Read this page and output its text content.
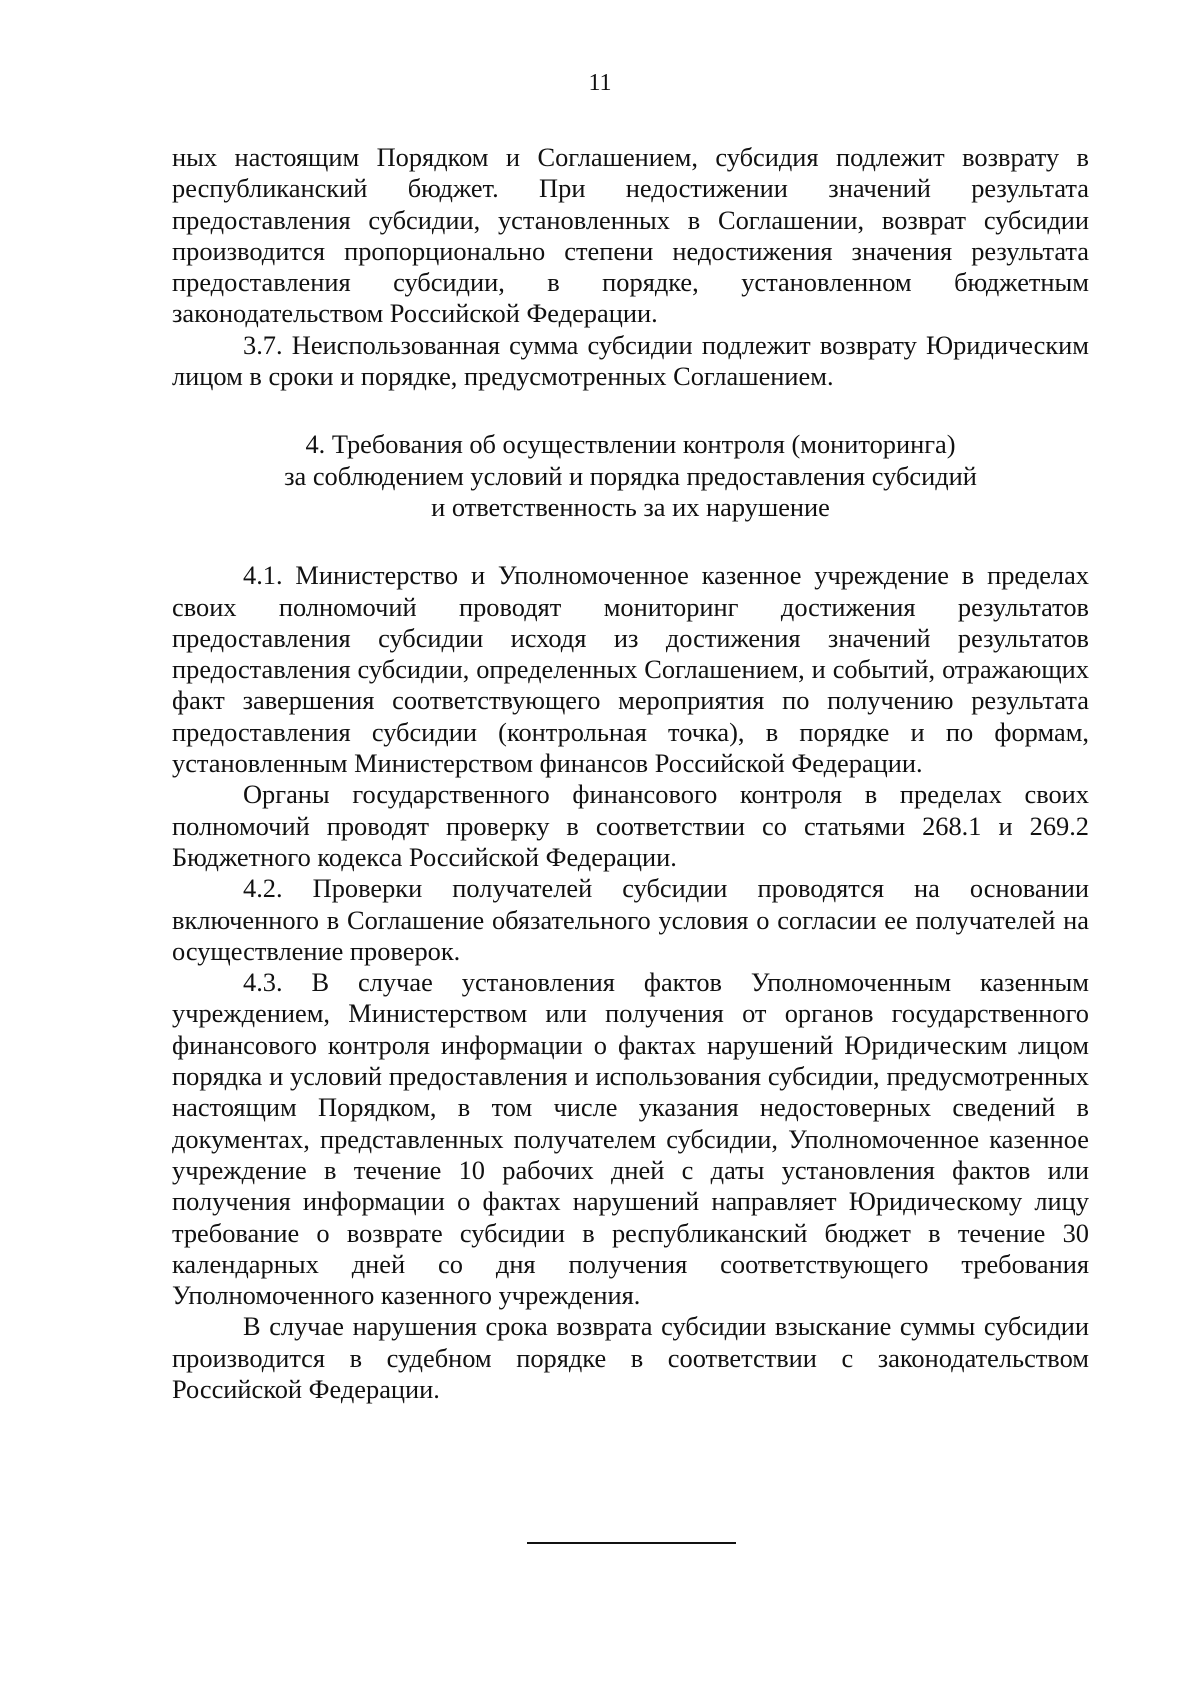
11

ных настоящим Порядком и Соглашением, субсидия подлежит возврату в республиканский бюджет. При недостижении значений результата предоставления субсидии, установленных в Соглашении, возврат субсидии производится пропорционально степени недостижения значения результата предоставления субсидии, в порядке, установленном бюджетным законодательством Российской Федерации.

3.7. Неиспользованная сумма субсидии подлежит возврату Юридическим лицом в сроки и порядке, предусмотренных Соглашением.

4. Требования об осуществлении контроля (мониторинга)
за соблюдением условий и порядка предоставления субсидий
и ответственность за их нарушение

4.1. Министерство и Уполномоченное казенное учреждение в пределах своих полномочий проводят мониторинг достижения результатов предоставления субсидии исходя из достижения значений результатов предоставления субсидии, определенных Соглашением, и событий, отражающих факт завершения соответствующего мероприятия по получению результата предоставления субсидии (контрольная точка), в порядке и по формам, установленным Министерством финансов Российской Федерации.

Органы государственного финансового контроля в пределах своих полномочий проводят проверку в соответствии со статьями 268.1 и 269.2 Бюджетного кодекса Российской Федерации.

4.2. Проверки получателей субсидии проводятся на основании включенного в Соглашение обязательного условия о согласии ее получателей на осуществление проверок.

4.3. В случае установления фактов Уполномоченным казенным учреждением, Министерством или получения от органов государственного финансового контроля информации о фактах нарушений Юридическим лицом порядка и условий предоставления и использования субсидии, предусмотренных настоящим Порядком, в том числе указания недостоверных сведений в документах, представленных получателем субсидии, Уполномоченное казенное учреждение в течение 10 рабочих дней с даты установления фактов или получения информации о фактах нарушений направляет Юридическому лицу требование о возврате субсидии в республиканский бюджет в течение 30 календарных дней со дня получения соответствующего требования Уполномоченного казенного учреждения.

В случае нарушения срока возврата субсидии взыскание суммы субсидии производится в судебном порядке в соответствии с законодательством Российской Федерации.
